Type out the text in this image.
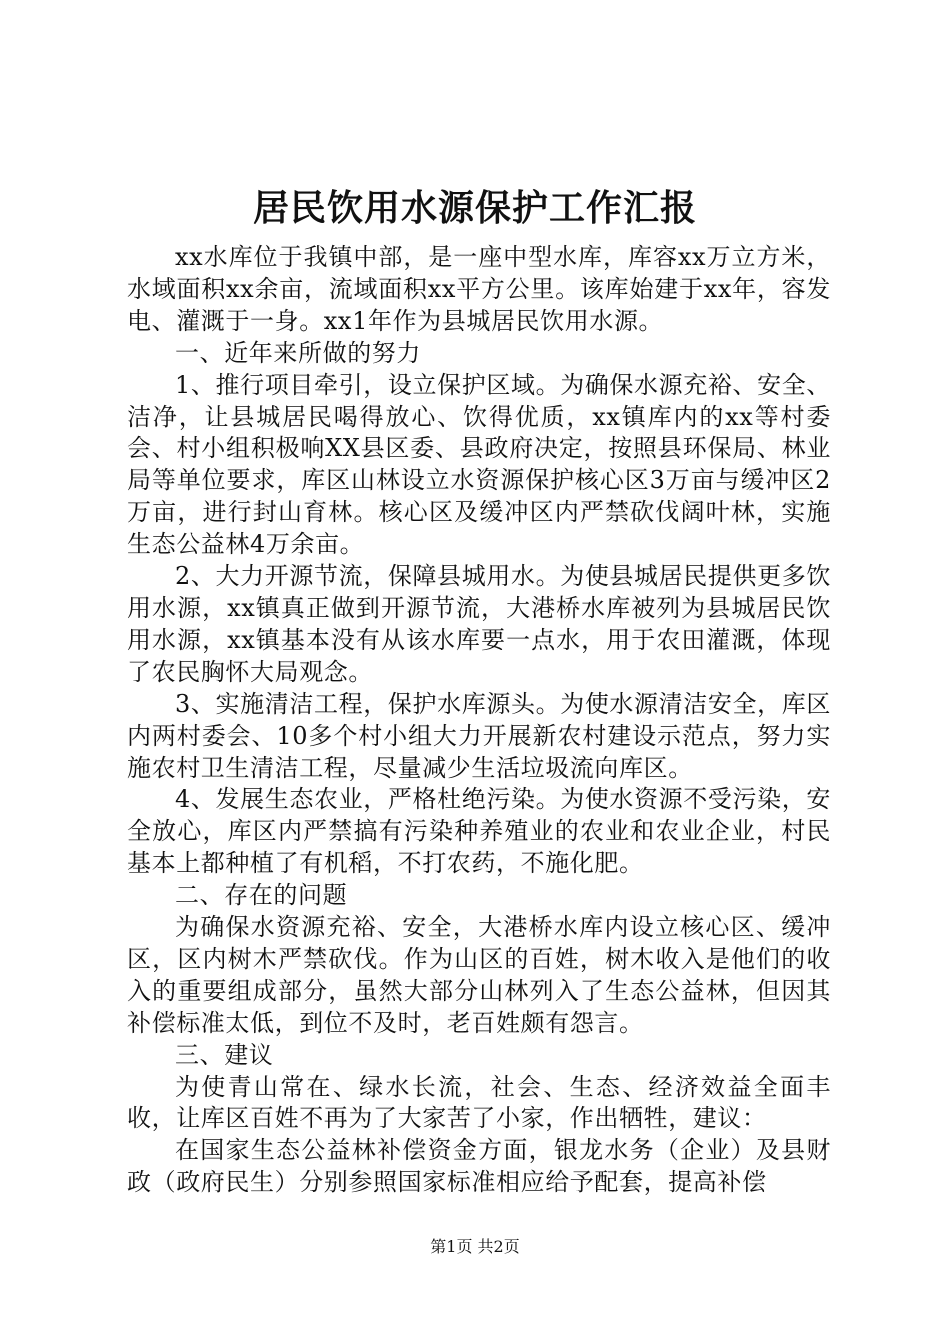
居民饮用水源保护工作汇报

xx水库位于我镇中部，是一座中型水库，库容xx万立方米，水域面积xx余亩，流域面积xx平方公里。该库始建于xx年，容发电、灌溉于一身。xx1年作为县城居民饮用水源。

一、近年来所做的努力

1、推行项目牵引，设立保护区域。为确保水源充裕、安全、洁净，让县城居民喝得放心、饮得优质，xx镇库内的xx等村委会、村小组积极响XX县区委、县政府决定，按照县环保局、林业局等单位要求，库区山林设立水资源保护核心区3万亩与缓冲区2万亩，进行封山育林。核心区及缓冲区内严禁砍伐阔叶林，实施生态公益林4万余亩。

2、大力开源节流，保障县城用水。为使县城居民提供更多饮用水源，xx镇真正做到开源节流，大港桥水库被列为县城居民饮用水源，xx镇基本没有从该水库要一点水，用于农田灌溉，体现了农民胸怀大局观念。

3、实施清洁工程，保护水库源头。为使水源清洁安全，库区内两村委会、10多个村小组大力开展新农村建设示范点，努力实施农村卫生清洁工程，尽量减少生活垃圾流向库区。

4、发展生态农业，严格杜绝污染。为使水资源不受污染，安全放心，库区内严禁搞有污染种养殖业的农业和农业企业，村民基本上都种植了有机稻，不打农药，不施化肥。

二、存在的问题

为确保水资源充裕、安全，大港桥水库内设立核心区、缓冲区，区内树木严禁砍伐。作为山区的百姓，树木收入是他们的收入的重要组成部分，虽然大部分山林列入了生态公益林，但因其补偿标准太低，到位不及时，老百姓颇有怨言。

三、建议

为使青山常在、绿水长流，社会、生态、经济效益全面丰收，让库区百姓不再为了大家苦了小家，作出牺牲，建议：

在国家生态公益林补偿资金方面，银龙水务（企业）及县财政（政府民生）分别参照国家标准相应给予配套，提高补偿

第1页 共2页
